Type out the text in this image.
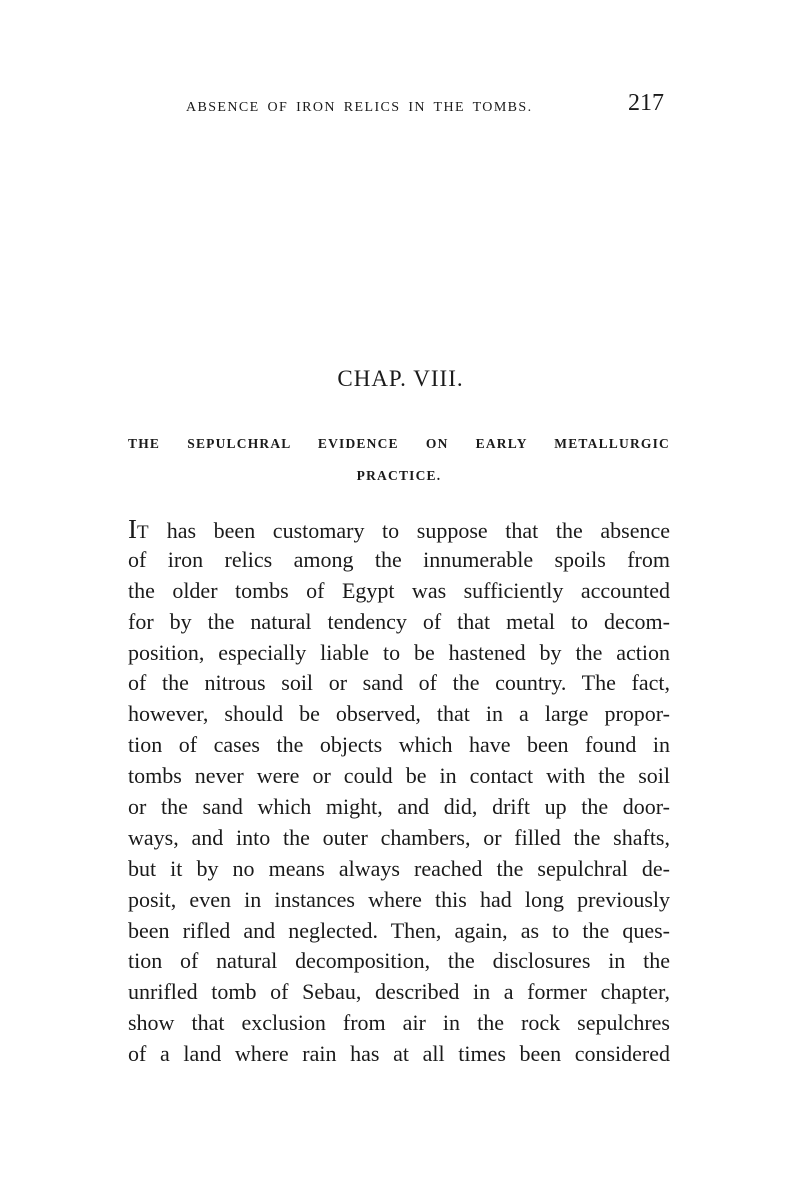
ABSENCE OF IRON RELICS IN THE TOMBS.	217
CHAP. VIII.
THE SEPULCHRAL EVIDENCE ON EARLY METALLURGIC
PRACTICE.
IT has been customary to suppose that the absence
of iron relics among the innumerable spoils from
the older tombs of Egypt was sufficiently accounted
for by the natural tendency of that metal to decom-
position, especially liable to be hastened by the action
of the nitrous soil or sand of the country. The fact,
however, should be observed, that in a large propor-
tion of cases the objects which have been found in
tombs never were or could be in contact with the soil
or the sand which might, and did, drift up the door-
ways, and into the outer chambers, or filled the shafts,
but it by no means always reached the sepulchral de-
posit, even in instances where this had long previously
been rifled and neglected. Then, again, as to the ques-
tion of natural decomposition, the disclosures in the
unrifled tomb of Sebau, described in a former chapter,
show that exclusion from air in the rock sepulchres
of a land where rain has at all times been considered
